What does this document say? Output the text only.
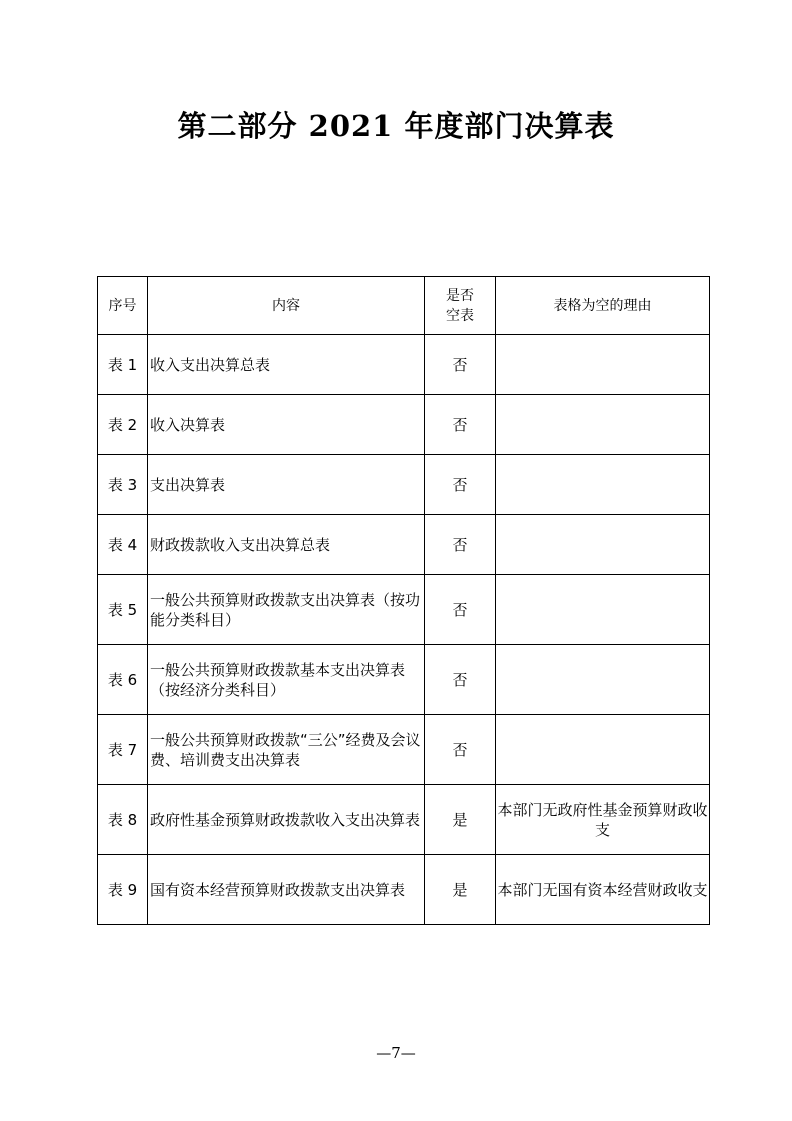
第二部分 2021 年度部门决算表
序号	内容	是否空表	表格为空的理由
表 1	收入支出决算总表	否	
表 2	收入决算表	否	
表 3	支出决算表	否	
表 4	财政拨款收入支出决算总表	否	
表 5	一般公共预算财政拨款支出决算表（按功能分类科目）	否	
表 6	一般公共预算财政拨款基本支出决算表（按经济分类科目）	否	
表 7	一般公共预算财政拨款“三公”经费及会议费、培训费支出决算表	否	
表 8	政府性基金预算财政拨款收入支出决算表	是	本部门无政府性基金预算财政收支
表 9	国有资本经营预算财政拨款支出决算表	是	本部门无国有资本经营财政收支
—7—
